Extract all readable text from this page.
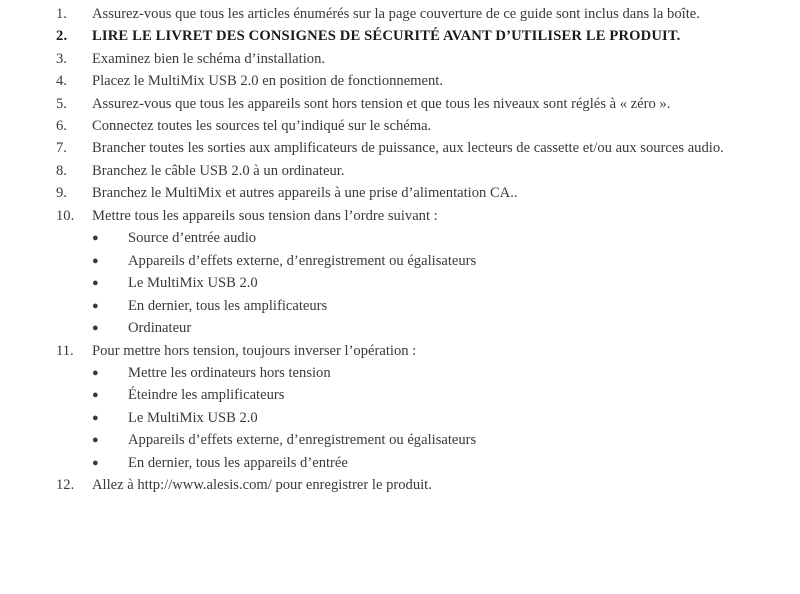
1.	Assurez-vous que tous les articles énumérés sur la page couverture de ce guide sont inclus dans la boîte.
2.	LIRE LE LIVRET DES CONSIGNES DE SÉCURITÉ AVANT D’UTILISER LE PRODUIT.
3.	Examinez bien le schéma d’installation.
4.	Placez le MultiMix USB 2.0 en position de fonctionnement.
5.	Assurez-vous que tous les appareils sont hors tension et que tous les niveaux sont réglés à « zéro ».
6.	Connectez toutes les sources tel qu’indiqué sur le schéma.
7.	Brancher toutes les sorties aux amplificateurs de puissance, aux lecteurs de cassette et/ou aux sources audio.
8.	Branchez le câble USB 2.0 à un ordinateur.
9.	Branchez le MultiMix et autres appareils à une prise d’alimentation CA..
10.	Mettre tous les appareils sous tension dans l’ordre suivant :
● Source d’entrée audio
● Appareils d’effets externe, d’enregistrement ou égalisateurs
● Le MultiMix USB 2.0
● En dernier, tous les amplificateurs
● Ordinateur
11.	Pour mettre hors tension, toujours inverser l’opération :
● Mettre les ordinateurs hors tension
● Éteindre les amplificateurs
● Le MultiMix USB 2.0
● Appareils d’effets externe, d’enregistrement ou égalisateurs
● En dernier, tous les appareils d’entrée
12.	Allez à http://www.alesis.com/ pour enregistrer le produit.
